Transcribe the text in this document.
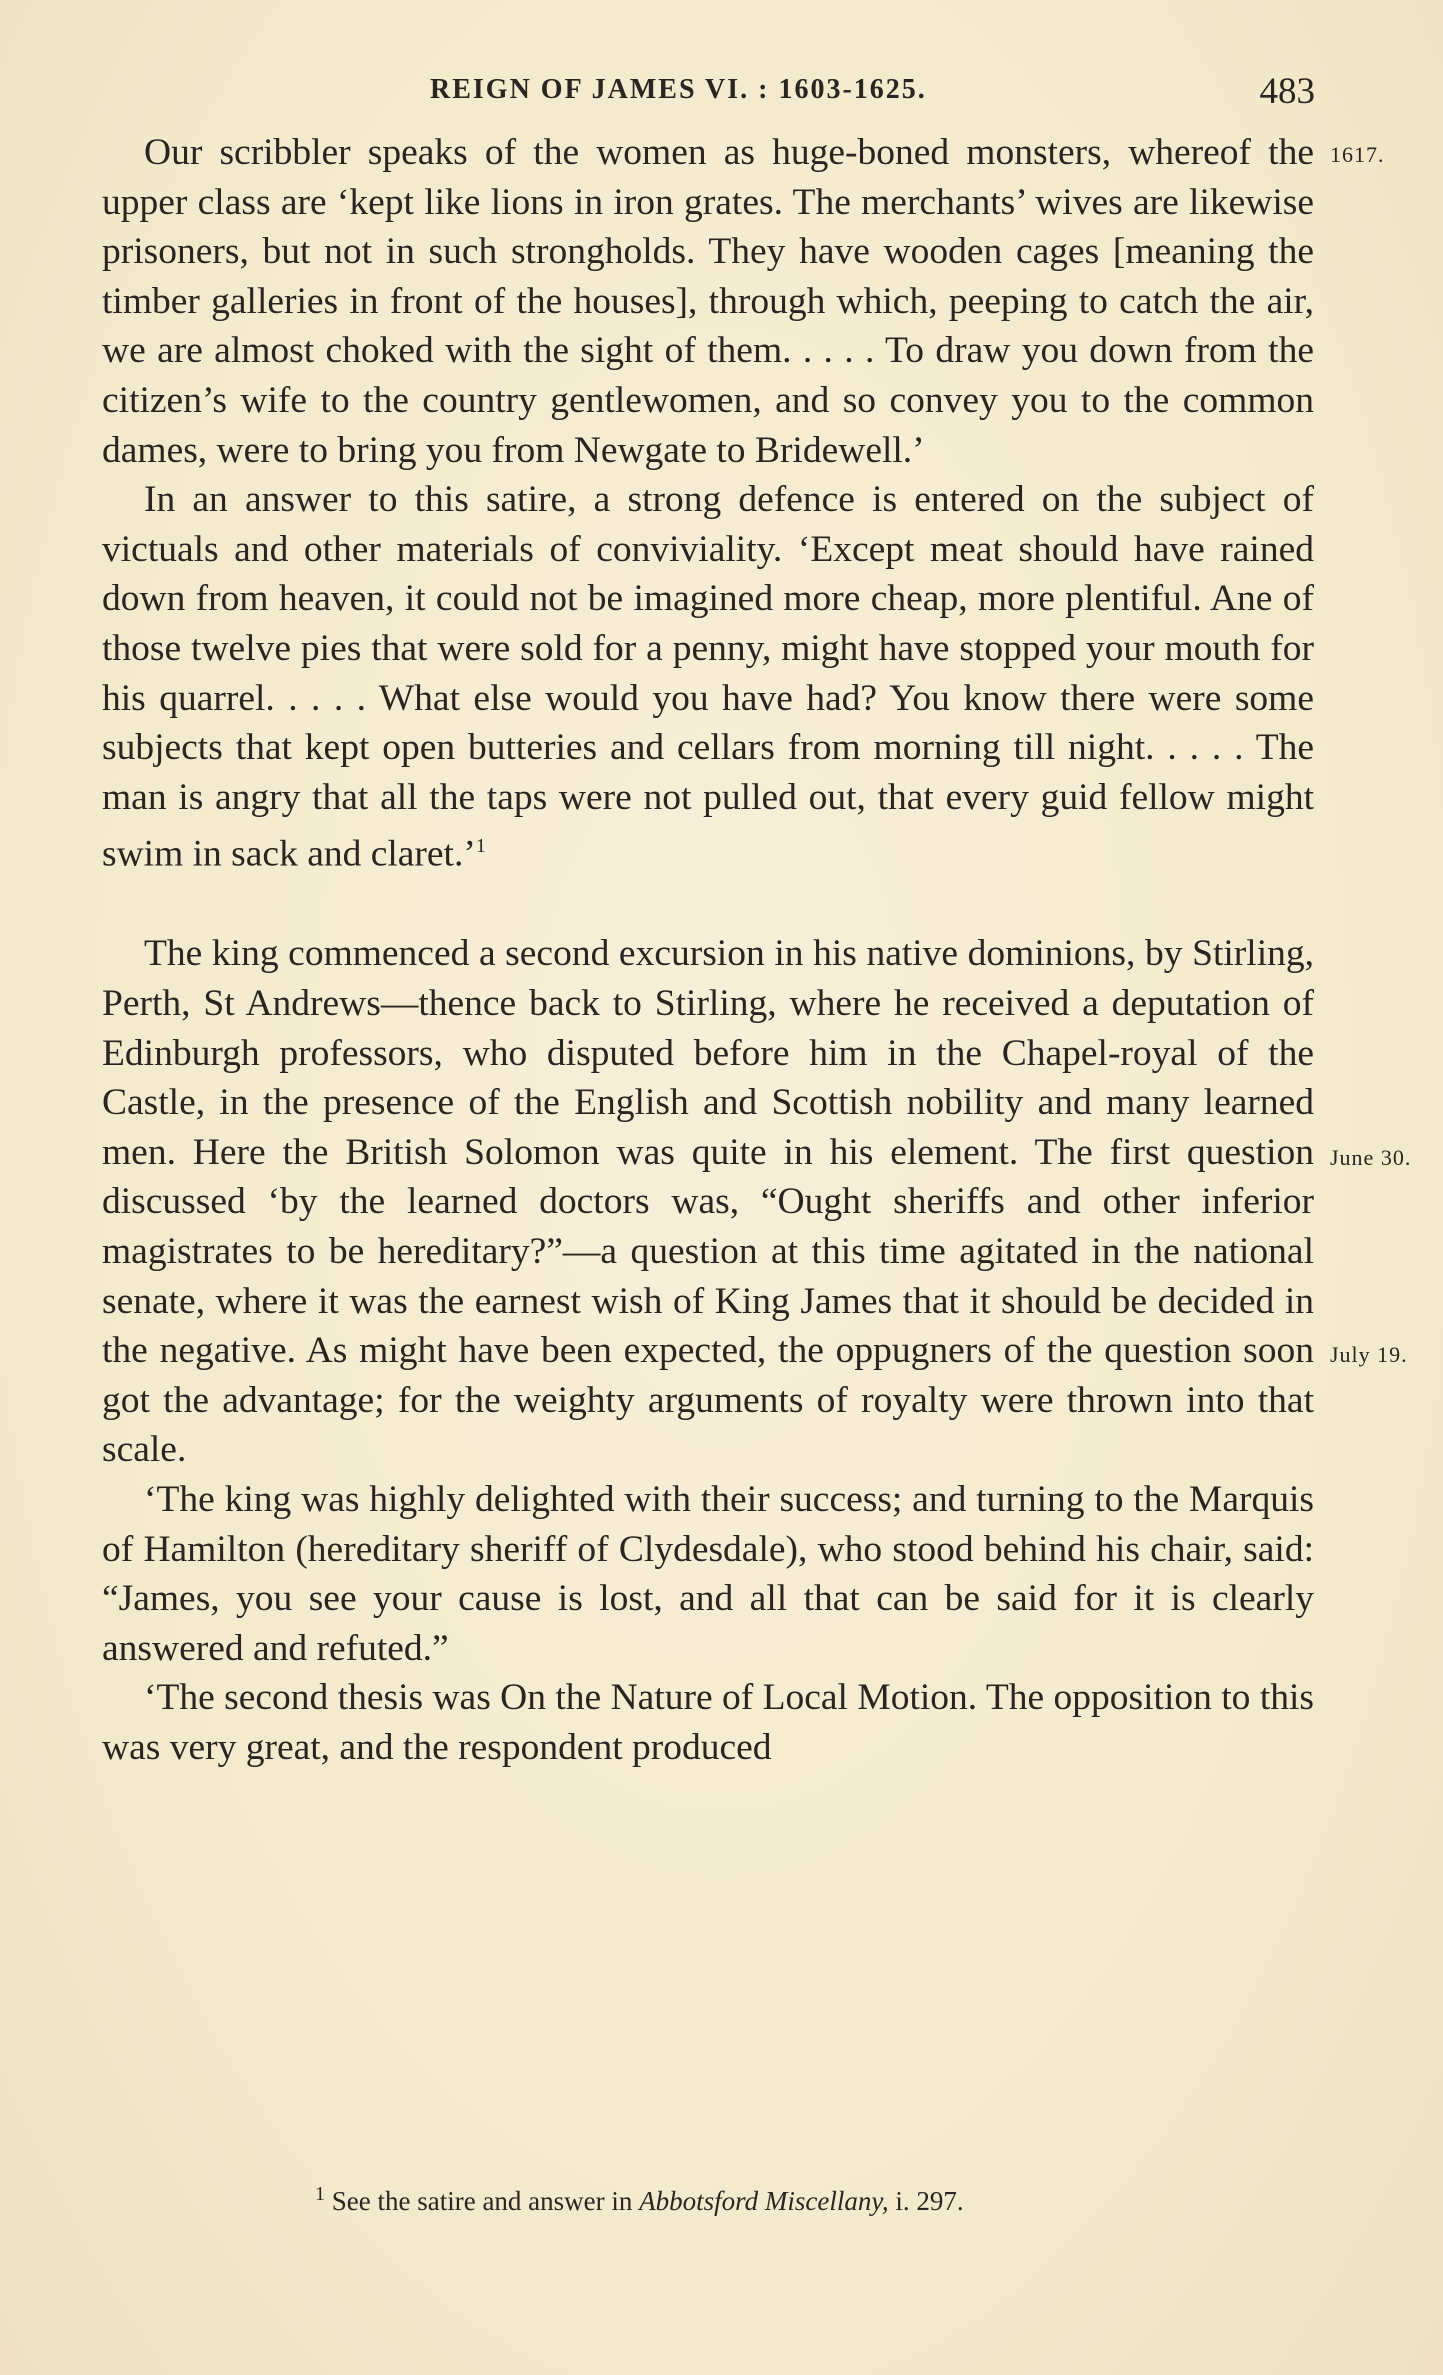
REIGN OF JAMES VI. : 1603-1625.	483
1617.
June 30.
July 19.

Our scribbler speaks of the women as huge-boned monsters, whereof the upper class are ‘kept like lions in iron grates. The merchants’ wives are likewise prisoners, but not in such strongholds. They have wooden cages [meaning the timber galleries in front of the houses], through which, peeping to catch the air, we are almost choked with the sight of them. . . . . To draw you down from the citizen’s wife to the country gentlewomen, and so convey you to the common dames, were to bring you from Newgate to Bridewell.’

In an answer to this satire, a strong defence is entered on the subject of victuals and other materials of conviviality. ‘Except meat should have rained down from heaven, it could not be imagined more cheap, more plentiful. Ane of those twelve pies that were sold for a penny, might have stopped your mouth for his quarrel. . . . . What else would you have had? You know there were some subjects that kept open butteries and cellars from morning till night. . . . . The man is angry that all the taps were not pulled out, that every guid fellow might swim in sack and claret.’$^1$

The king commenced a second excursion in his native dominions, by Stirling, Perth, St Andrews—thence back to Stirling, where he received a deputation of Edinburgh professors, who disputed before him in the Chapel-royal of the Castle, in the presence of the English and Scottish nobility and many learned men. Here the British Solomon was quite in his element. The first question discussed ‘by the learned doctors was, “Ought sheriffs and other inferior magistrates to be hereditary?”—a question at this time agitated in the national senate, where it was the earnest wish of King James that it should be decided in the negative. As might have been expected, the oppugners of the question soon got the advantage; for the weighty arguments of royalty were thrown into that scale.

‘The king was highly delighted with their success; and turning to the Marquis of Hamilton (hereditary sheriff of Clydesdale), who stood behind his chair, said: “James, you see your cause is lost, and all that can be said for it is clearly answered and refuted.”

‘The second thesis was On the Nature of Local Motion. The opposition to this was very great, and the respondent produced

$^1$ See the satire and answer in Abbotsford Miscellany, i. 297.
